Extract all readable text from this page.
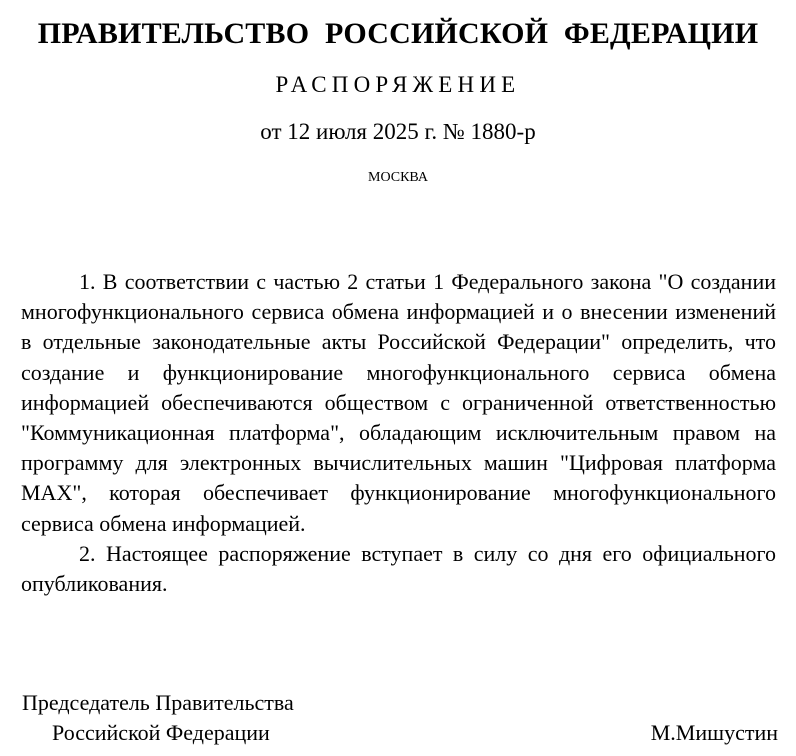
ПРАВИТЕЛЬСТВО РОССИЙСКОЙ ФЕДЕРАЦИИ
РАСПОРЯЖЕНИЕ
от 12 июля 2025 г. № 1880-р
МОСКВА

1. В соответствии с частью 2 статьи 1 Федерального закона "О создании многофункционального сервиса обмена информацией и о внесении изменений в отдельные законодательные акты Российской Федерации" определить, что создание и функционирование многофункционального сервиса обмена информацией обеспечиваются обществом с ограниченной ответственностью "Коммуникационная платформа", обладающим исключительным правом на программу для электронных вычислительных машин "Цифровая платформа MAX", которая обеспечивает функционирование многофункционального сервиса обмена информацией.

2. Настоящее распоряжение вступает в силу со дня его официального опубликования.

Председатель Правительства
Российской Федерации	М.Мишустин
